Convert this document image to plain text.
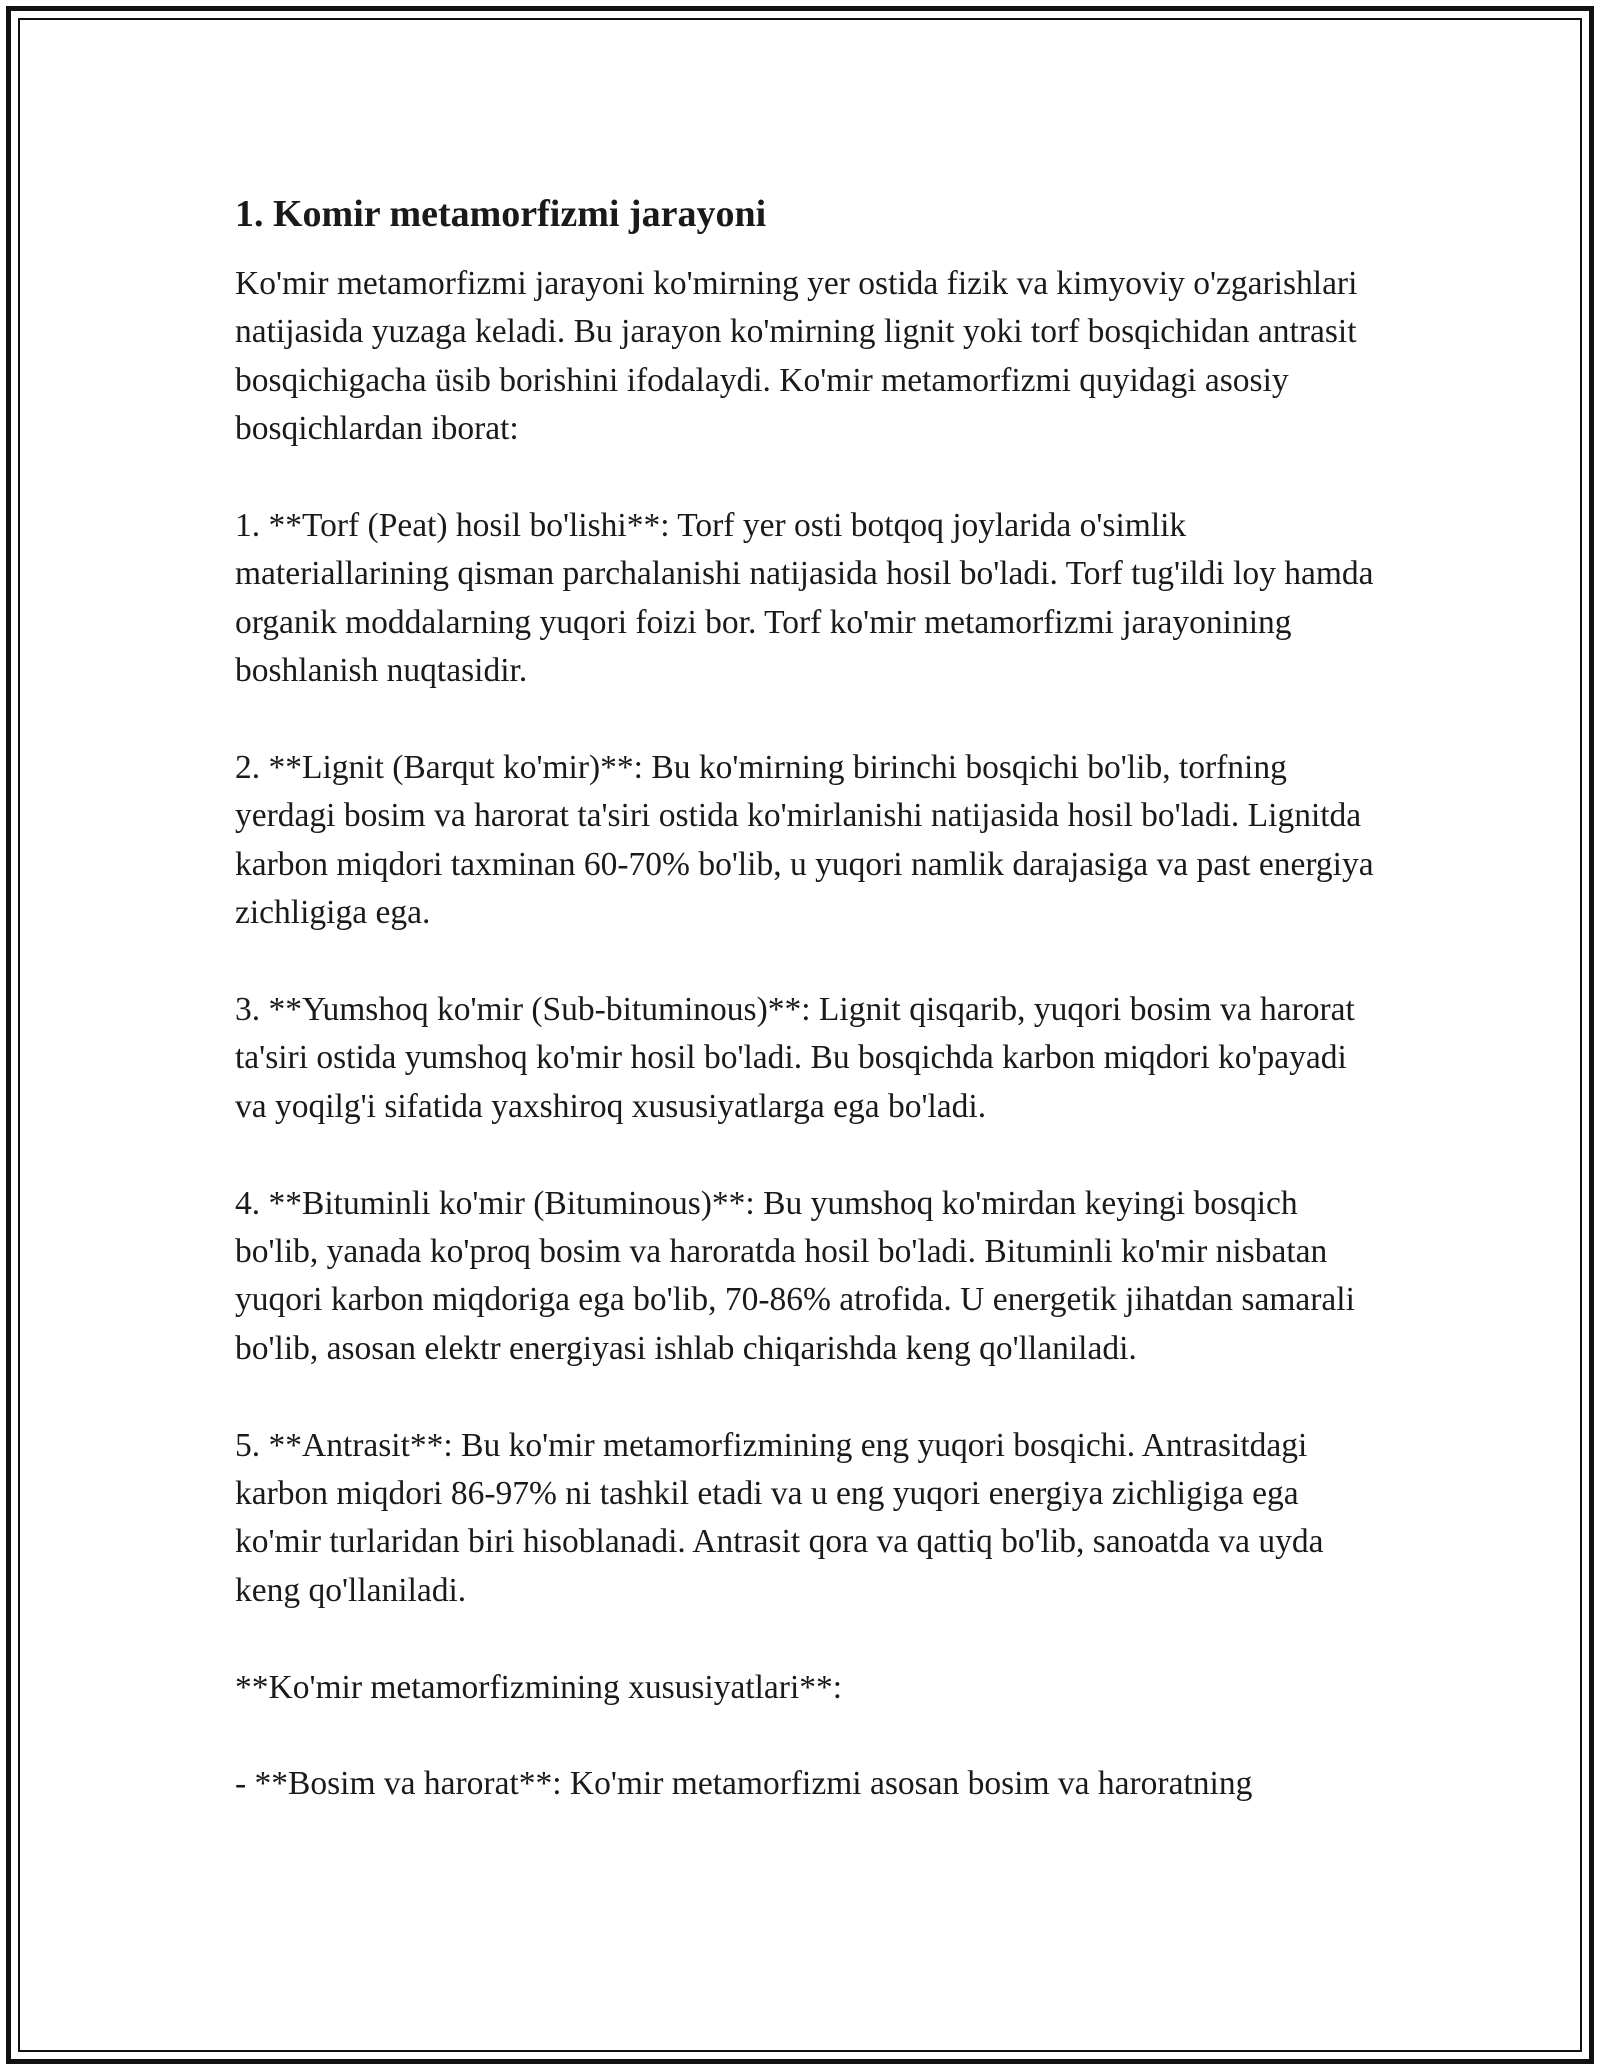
1. Komir metamorfizmi jarayoni

Ko'mir metamorfizmi jarayoni ko'mirning yer ostida fizik va kimyoviy o'zgarishlari natijasida yuzaga keladi. Bu jarayon ko'mirning lignit yoki torf bosqichidan antrasit bosqichigacha üsib borishini ifodalaydi. Ko'mir metamorfizmi quyidagi asosiy bosqichlardan iborat:

1. **Torf (Peat) hosil bo'lishi**: Torf yer osti botqoq joylarida o'simlik materiallarining qisman parchalanishi natijasida hosil bo'ladi. Torf tug'ildi loy hamda organik moddalarning yuqori foizi bor. Torf ko'mir metamorfizmi jarayonining boshlanish nuqtasidir.

2. **Lignit (Barqut ko'mir)**: Bu ko'mirning birinchi bosqichi bo'lib, torfning yerdagi bosim va harorat ta'siri ostida ko'mirlanishi natijasida hosil bo'ladi. Lignitda karbon miqdori taxminan 60-70% bo'lib, u yuqori namlik darajasiga va past energiya zichligiga ega.

3. **Yumshoq ko'mir (Sub-bituminous)**: Lignit qisqarib, yuqori bosim va harorat ta'siri ostida yumshoq ko'mir hosil bo'ladi. Bu bosqichda karbon miqdori ko'payadi va yoqilg'i sifatida yaxshiroq xususiyatlarga ega bo'ladi.

4. **Bituminli ko'mir (Bituminous)**: Bu yumshoq ko'mirdan keyingi bosqich bo'lib, yanada ko'proq bosim va haroratda hosil bo'ladi. Bituminli ko'mir nisbatan yuqori karbon miqdoriga ega bo'lib, 70-86% atrofida. U energetik jihatdan samarali bo'lib, asosan elektr energiyasi ishlab chiqarishda keng qo'llaniladi.

5. **Antrasit**: Bu ko'mir metamorfizmining eng yuqori bosqichi. Antrasitdagi karbon miqdori 86-97% ni tashkil etadi va u eng yuqori energiya zichligiga ega ko'mir turlaridan biri hisoblanadi. Antrasit qora va qattiq bo'lib, sanoatda va uyda keng qo'llaniladi.

**Ko'mir metamorfizmining xususiyatlari**:

- **Bosim va harorat**: Ko'mir metamorfizmi asosan bosim va haroratning
